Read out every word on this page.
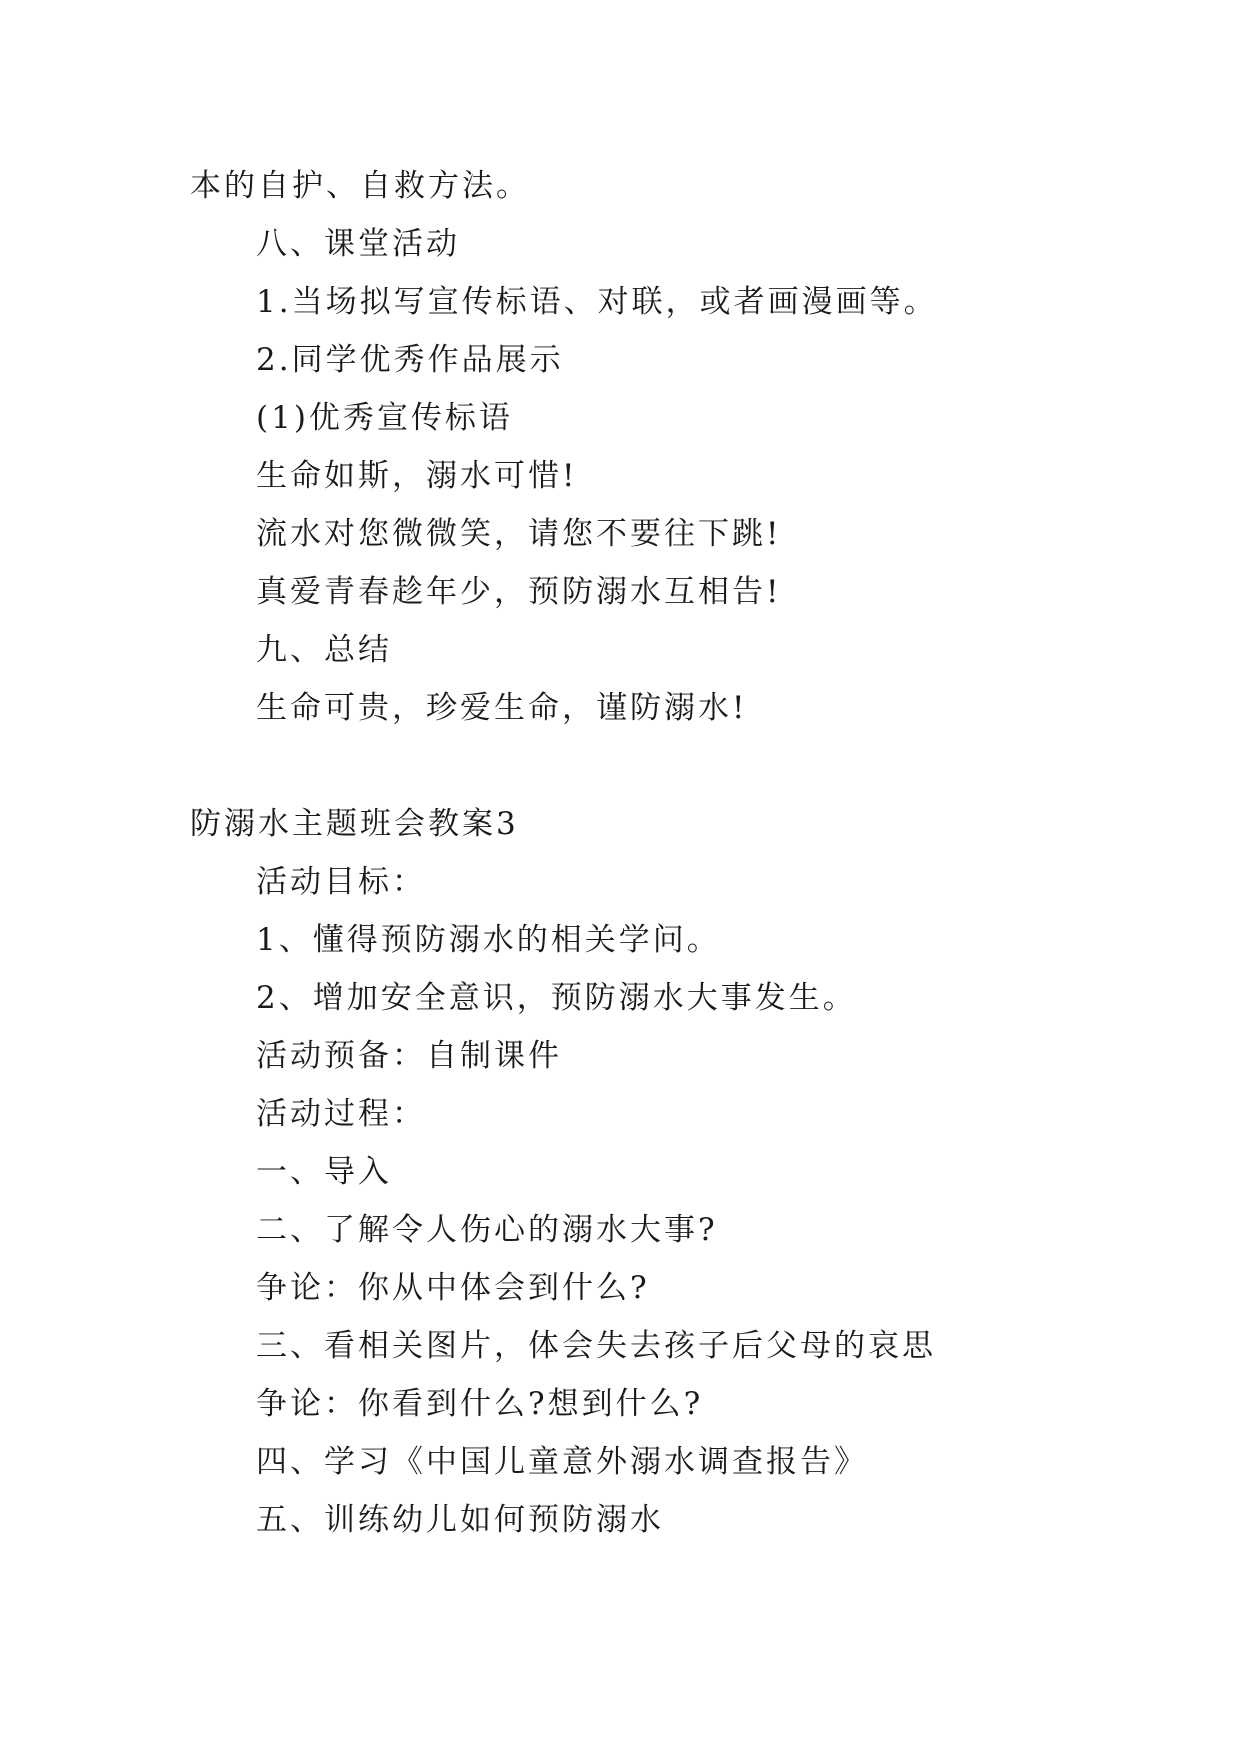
本的自护、自救方法。
八、课堂活动
1.当场拟写宣传标语、对联，或者画漫画等。
2.同学优秀作品展示
(1)优秀宣传标语
生命如斯，溺水可惜!
流水对您微微笑，请您不要往下跳!
真爱青春趁年少，预防溺水互相告!
九、总结
生命可贵，珍爱生命，谨防溺水!
防溺水主题班会教案3
活动目标：
1、懂得预防溺水的相关学问。
2、增加安全意识，预防溺水大事发生。
活动预备：自制课件
活动过程：
一、导入
二、了解令人伤心的溺水大事?
争论：你从中体会到什么?
三、看相关图片，体会失去孩子后父母的哀思
争论：你看到什么?想到什么?
四、学习《中国儿童意外溺水调查报告》
五、训练幼儿如何预防溺水
